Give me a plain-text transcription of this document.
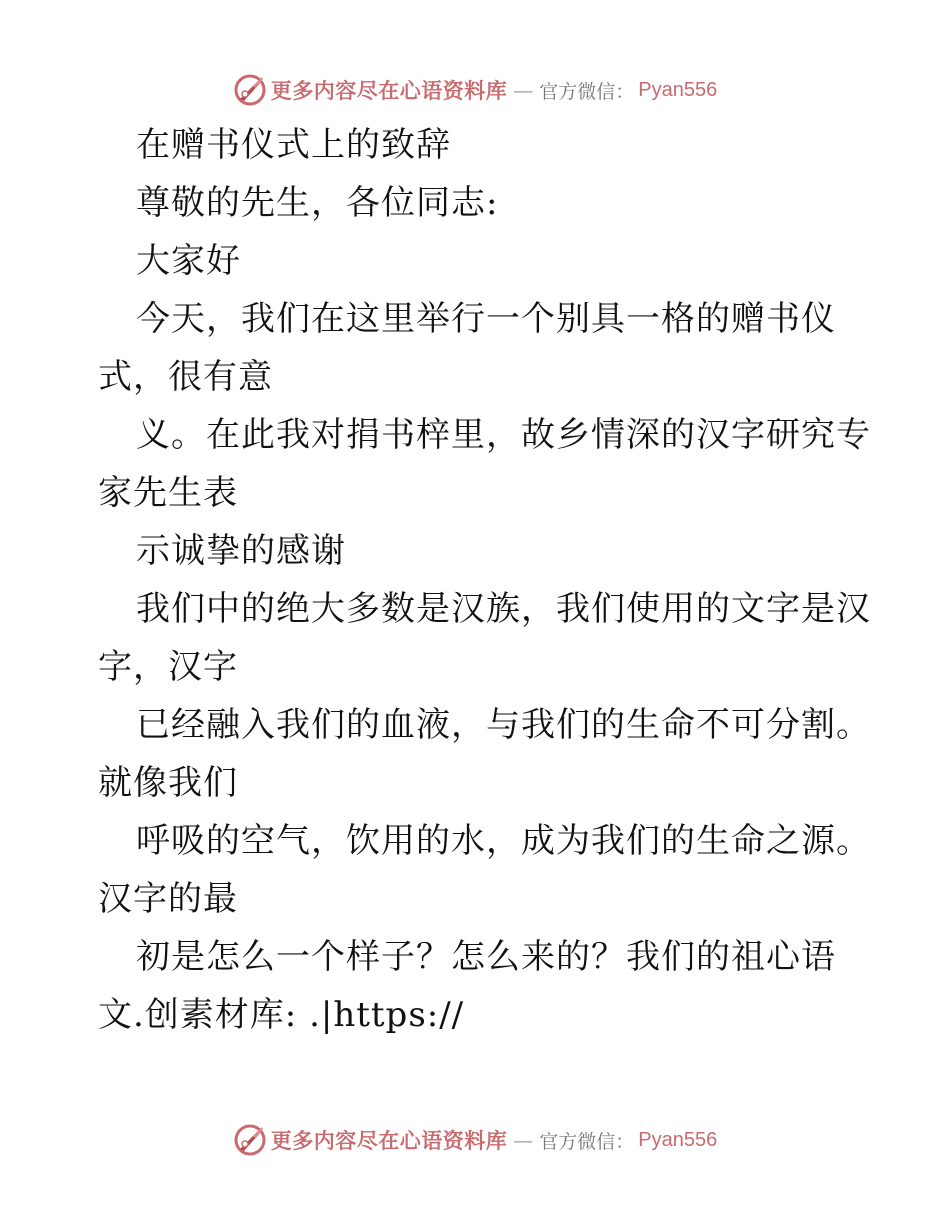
更多内容尽在心语资料库 — 官方微信： Pyan556
在赠书仪式上的致辞
尊敬的先生，各位同志:
大家好
今天，我们在这里举行一个别具一格的赠书仪
式，很有意
义。在此我对捐书梓里，故乡情深的汉字研究专
家先生表
示诚挚的感谢
我们中的绝大多数是汉族，我们使用的文字是汉
字，汉字
已经融入我们的血液，与我们的生命不可分割。
就像我们
呼吸的空气，饮用的水，成为我们的生命之源。
汉字的最
初是怎么一个样子？怎么来的？我们的祖心语
文.创素材库: .|https://
更多内容尽在心语资料库 — 官方微信： Pyan556
